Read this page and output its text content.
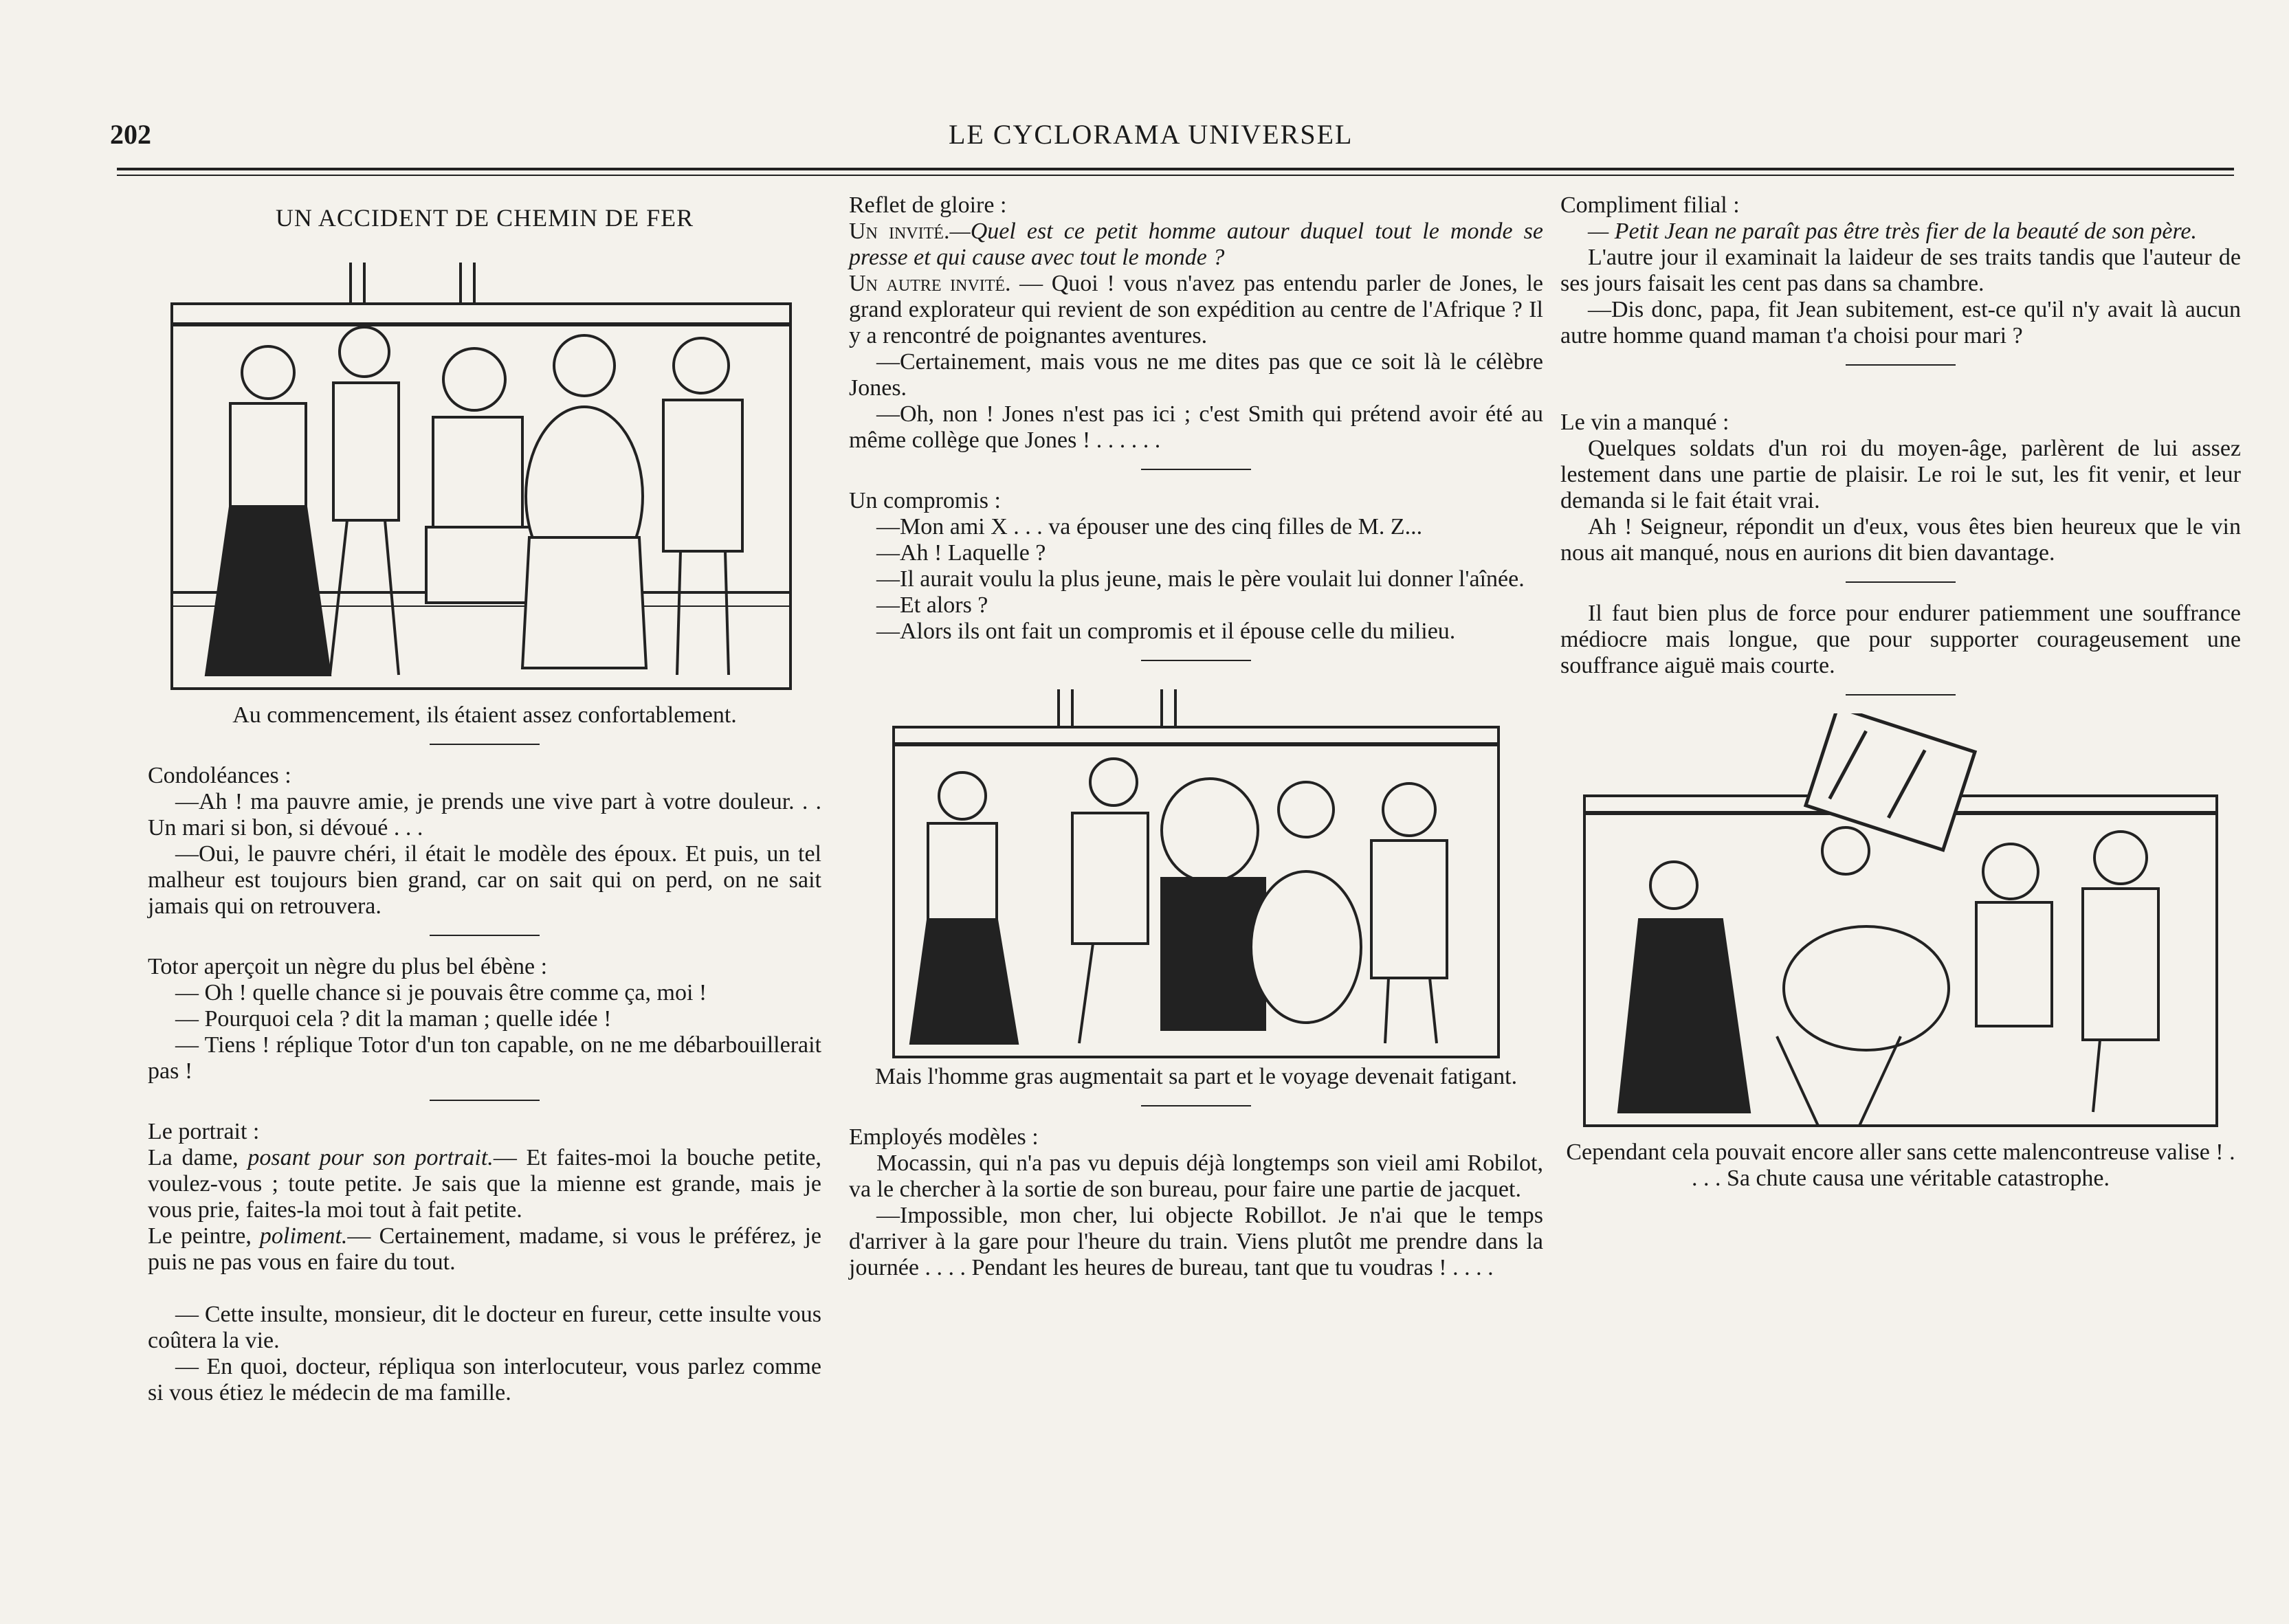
202	LE CYCLORAMA UNIVERSEL
UN ACCIDENT DE CHEMIN DE FER

Au commencement, ils étaient assez confortablement.

Condoléances :

—Ah ! ma pauvre amie, je prends une vive part à votre douleur. . . Un mari si bon, si dévoué . . .

—Oui, le pauvre chéri, il était le modèle des époux. Et puis, un tel malheur est toujours bien grand, car on sait qui on perd, on ne sait jamais qui on retrouvera.

Totor aperçoit un nègre du plus bel ébène :

— Oh ! quelle chance si je pouvais être comme ça, moi !

— Pourquoi cela ? dit la maman ; quelle idée !

— Tiens ! réplique Totor d'un ton capable, on ne me débarbouillerait pas !

Le portrait :

La dame, posant pour son portrait.— Et faites-moi la bouche petite, voulez-vous ; toute petite. Je sais que la mienne est grande, mais je vous prie, faites-la moi tout à fait petite.

Le peintre, poliment.— Certainement, madame, si vous le préférez, je puis ne pas vous en faire du tout.

— Cette insulte, monsieur, dit le docteur en fureur, cette insulte vous coûtera la vie.

— En quoi, docteur, répliqua son interlocuteur, vous parlez comme si vous étiez le médecin de ma famille.

Reflet de gloire :

Un invité.—Quel est ce petit homme autour duquel tout le monde se presse et qui cause avec tout le monde ?

Un autre invité. — Quoi ! vous n'avez pas entendu parler de Jones, le grand explorateur qui revient de son expédition au centre de l'Afrique ? Il y a rencontré de poignantes aventures.

—Certainement, mais vous ne me dites pas que ce soit là le célèbre Jones.

—Oh, non ! Jones n'est pas ici ; c'est Smith qui prétend avoir été au même collège que Jones ! . . . . . .

Un compromis :

—Mon ami X . . . va épouser une des cinq filles de M. Z...

—Ah ! Laquelle ?

—Il aurait voulu la plus jeune, mais le père voulait lui donner l'aînée.

—Et alors ?

—Alors ils ont fait un compromis et il épouse celle du milieu.

Mais l'homme gras augmentait sa part et le voyage devenait fatigant.

Employés modèles :

Mocassin, qui n'a pas vu depuis déjà longtemps son vieil ami Robilot, va le chercher à la sortie de son bureau, pour faire une partie de jacquet.

—Impossible, mon cher, lui objecte Robillot. Je n'ai que le temps d'arriver à la gare pour l'heure du train. Viens plutôt me prendre dans la journée . . . . Pendant les heures de bureau, tant que tu voudras ! . . . .

Compliment filial :

— Petit Jean ne paraît pas être très fier de la beauté de son père.

L'autre jour il examinait la laideur de ses traits tandis que l'auteur de ses jours faisait les cent pas dans sa chambre.

—Dis donc, papa, fit Jean subitement, est-ce qu'il n'y avait là aucun autre homme quand maman t'a choisi pour mari ?

Le vin a manqué :

Quelques soldats d'un roi du moyen-âge, parlèrent de lui assez lestement dans une partie de plaisir. Le roi le sut, les fit venir, et leur demanda si le fait était vrai.

Ah ! Seigneur, répondit un d'eux, vous êtes bien heureux que le vin nous ait manqué, nous en aurions dit bien davantage.

Il faut bien plus de force pour endurer patiemment une souffrance médiocre mais longue, que pour supporter courageusement une souffrance aiguë mais courte.

Cependant cela pouvait encore aller sans cette malencontreuse valise ! . . . . Sa chute causa une véritable catastrophe.
